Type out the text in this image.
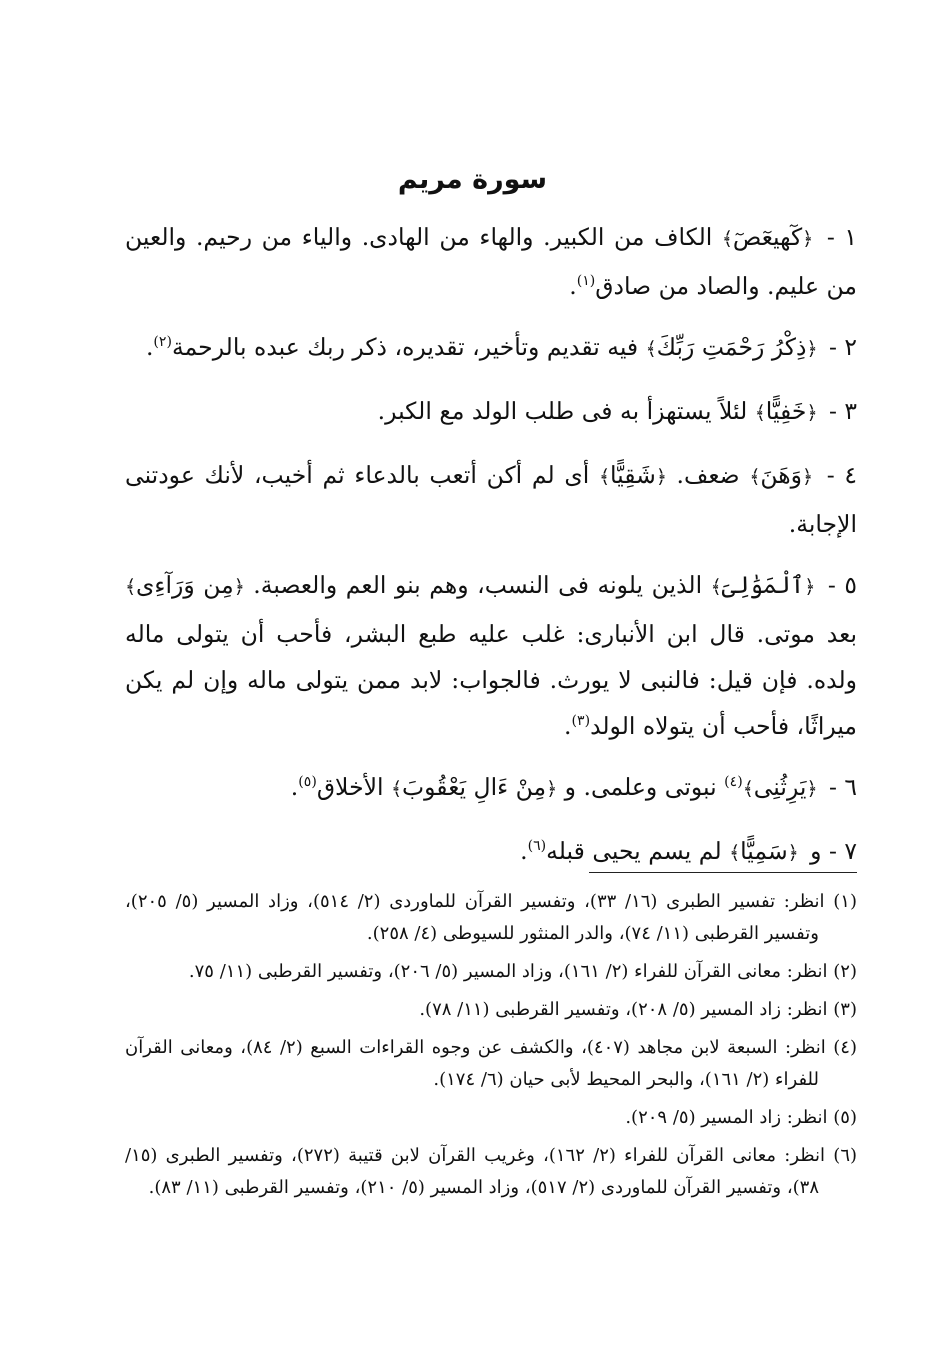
سورة مريم

١ - ﴿كٓهيعٓصٓ﴾ الكاف من الكبير. والهاء من الهادى. والياء من رحيم. والعين من عليم. والصاد من صادق$^{(١)}$.

٢ - ﴿ذِكْرُ رَحْمَتِ رَبِّكَ﴾ فيه تقديم وتأخير، تقديره، ذكر ربك عبده بالرحمة$^{(٢)}$.

٣ - ﴿خَفِيًّا﴾ لئلاً يستهزأ به فى طلب الولد مع الكبر.

٤ - ﴿وَهَنَ﴾ ضعف. ﴿شَقِيًّا﴾ أى لم أكن أتعب بالدعاء ثم أخيب، لأنك عودتنى الإجابة.

٥ - ﴿ٱلْمَوَٰلِىَ﴾ الذين يلونه فى النسب، وهم بنو العم والعصبة. ﴿مِن وَرَآءِى﴾ بعد موتى. قال ابن الأنبارى: غلب عليه طبع البشر، فأحب أن يتولى ماله ولده. فإن قيل: فالنبى لا يورث. فالجواب: لابد ممن يتولى ماله وإن لم يكن ميراثًا، فأحب أن يتولاه الولد$^{(٣)}$.

٦ - ﴿يَرِثُنِى﴾$^{(٤)}$ نبوتى وعلمى. و ﴿مِنْ ءَالِ يَعْقُوبَ﴾ الأخلاق$^{(٥)}$.

٧ - و ﴿سَمِيًّا﴾ لم يسم يحيى قبله$^{(٦)}$.

(١) انظر: تفسير الطبرى (١٦/ ٣٣)، وتفسير القرآن للماوردى (٢/ ٥١٤)، وزاد المسير (٥/ ٢٠٥)، وتفسير القرطبى (١١/ ٧٤)، والدر المنثور للسيوطى (٤/ ٢٥٨).

(٢) انظر: معانى القرآن للفراء (٢/ ١٦١)، وزاد المسير (٥/ ٢٠٦)، وتفسير القرطبى (١١/ ٧٥.

(٣) انظر: زاد المسير (٥/ ٢٠٨)، وتفسير القرطبى (١١/ ٧٨).

(٤) انظر: السبعة لابن مجاهد (٤٠٧)، والكشف عن وجوه القراءات السبع (٢/ ٨٤)، ومعانى القرآن للفراء (٢/ ١٦١)، والبحر المحيط لأبى حيان (٦/ ١٧٤).

(٥) انظر: زاد المسير (٥/ ٢٠٩).

(٦) انظر: معانى القرآن للفراء (٢/ ١٦٢)، وغريب القرآن لابن قتيبة (٢٧٢)، وتفسير الطبرى (١٥/ ٣٨)، وتفسير القرآن للماوردى (٢/ ٥١٧)، وزاد المسير (٥/ ٢١٠)، وتفسير القرطبى (١١/ ٨٣).
